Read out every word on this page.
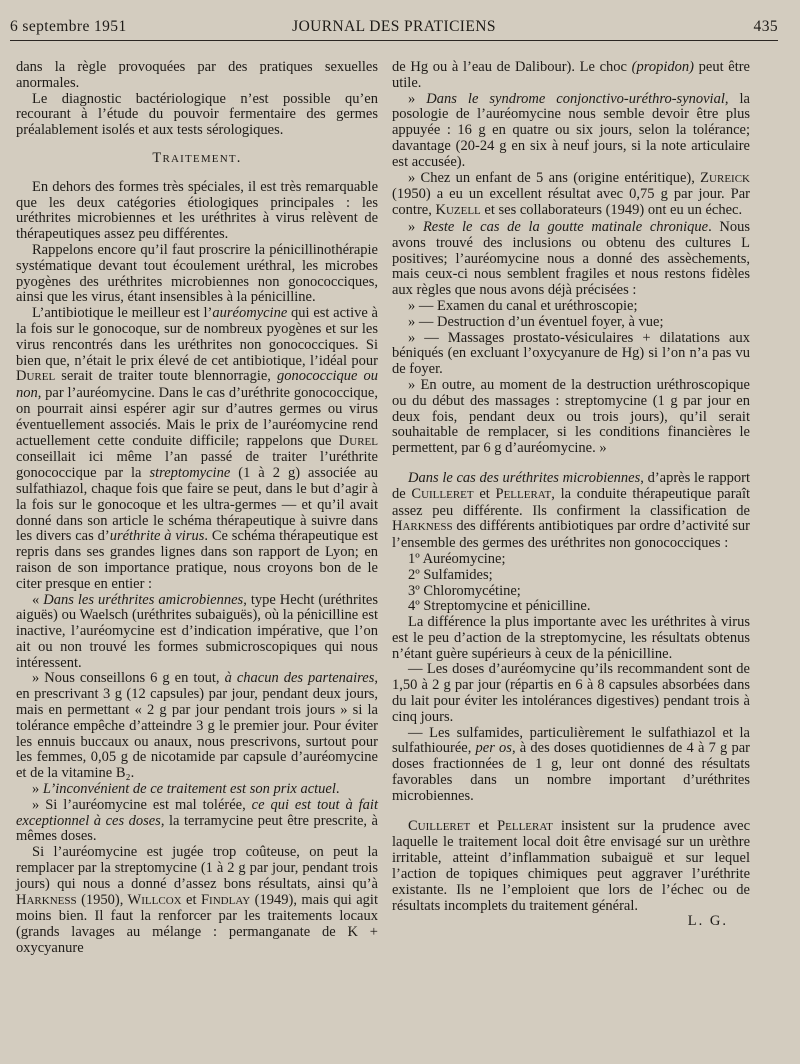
6 septembre 1951	JOURNAL DES PRATICIENS	435

dans la règle provoquées par des pratiques sexuelles anormales.

Le diagnostic bactériologique n’est possible qu’en recourant à l’étude du pouvoir fermentaire des germes préalablement isolés et aux tests sérologiques.

TRAITEMENT.

En dehors des formes très spéciales, il est très remarquable que les deux catégories étiologiques principales : les uréthrites microbiennes et les uréthrites à virus relèvent de thérapeutiques assez peu différentes.

Rappelons encore qu’il faut proscrire la pénicillinothérapie systématique devant tout écoulement uréthral, les microbes pyogènes des uréthrites microbiennes non gonococciques, ainsi que les virus, étant insensibles à la pénicilline.

L’antibiotique le meilleur est l’auréomycine qui est active à la fois sur le gonocoque, sur de nombreux pyogènes et sur les virus rencontrés dans les uréthrites non gonococciques. Si bien que, n’était le prix élevé de cet antibiotique, l’idéal pour DUREL serait de traiter toute blennorragie, gonococcique ou non, par l’auréomycine. Dans le cas d’uréthrite gonococcique, on pourrait ainsi espérer agir sur d’autres germes ou virus éventuellement associés. Mais le prix de l’auréomycine rend actuellement cette conduite difficile; rappelons que DUREL conseillait ici même l’an passé de traiter l’uréthrite gonococcique par la streptomycine (1 à 2 g) associée au sulfathiazol, chaque fois que faire se peut, dans le but d’agir à la fois sur le gonocoque et les ultra-germes — et qu’il avait donné dans son article le schéma thérapeutique à suivre dans les divers cas d’uréthrite à virus. Ce schéma thérapeutique est repris dans ses grandes lignes dans son rapport de Lyon; en raison de son importance pratique, nous croyons bon de le citer presque en entier :

« Dans les uréthrites amicrobiennes, type Hecht (uréthrites aiguës) ou Waelsch (uréthrites subaiguës), où la pénicilline est inactive, l’auréomycine est d’indication impérative, que l’on ait ou non trouvé les formes submicroscopiques qui nous intéressent.

» Nous conseillons 6 g en tout, à chacun des partenaires, en prescrivant 3 g (12 capsules) par jour, pendant deux jours, mais en permettant « 2 g par jour pendant trois jours » si la tolérance empêche d’atteindre 3 g le premier jour. Pour éviter les ennuis buccaux ou anaux, nous prescrivons, surtout pour les femmes, 0,05 g de nicotamide par capsule d’auréomycine et de la vitamine B₂.

» L’inconvénient de ce traitement est son prix actuel.

» Si l’auréomycine est mal tolérée, ce qui est tout à fait exceptionnel à ces doses, la terramycine peut être prescrite, à mêmes doses.

Si l’auréomycine est jugée trop coûteuse, on peut la remplacer par la streptomycine (1 à 2 g par jour, pendant trois jours) qui nous a donné d’assez bons résultats, ainsi qu’à HARKNESS (1950), WILLCOX et FINDLAY (1949), mais qui agit moins bien. Il faut la renforcer par les traitements locaux (grands lavages au mélange : permanganate de K + oxycyanure

de Hg ou à l’eau de Dalibour). Le choc (propidon) peut être utile.

» Dans le syndrome conjonctivo-uréthro-synovial, la posologie de l’auréomycine nous semble devoir être plus appuyée : 16 g en quatre ou six jours, selon la tolérance; davantage (20-24 g en six à neuf jours, si la note articulaire est accusée).

» Chez un enfant de 5 ans (origine entéritique), ZUREICK (1950) a eu un excellent résultat avec 0,75 g par jour. Par contre, KUZELL et ses collaborateurs (1949) ont eu un échec.

» Reste le cas de la goutte matinale chronique. Nous avons trouvé des inclusions ou obtenu des cultures L positives; l’auréomycine nous a donné des assèchements, mais ceux-ci nous semblent fragiles et nous restons fidèles aux règles que nous avons déjà précisées :

» — Examen du canal et uréthroscopie;

» — Destruction d’un éventuel foyer, à vue;

» — Massages prostato-vésiculaires + dilatations aux béniqués (en excluant l’oxycyanure de Hg) si l’on n’a pas vu de foyer.

» En outre, au moment de la destruction uréthroscopique ou du début des massages : streptomycine (1 g par jour en deux fois, pendant deux ou trois jours), qu’il serait souhaitable de remplacer, si les conditions financières le permettent, par 6 g d’auréomycine. »

Dans le cas des uréthrites microbiennes, d’après le rapport de CUILLERET et PELLERAT, la conduite thérapeutique paraît assez peu différente. Ils confirment la classification de HARKNESS des différents antibiotiques par ordre d’activité sur l’ensemble des germes des uréthrites non gonococciques :

1º Auréomycine;

2º Sulfamides;

3º Chloromycétine;

4º Streptomycine et pénicilline.

La différence la plus importante avec les uréthrites à virus est le peu d’action de la streptomycine, les résultats obtenus n’étant guère supérieurs à ceux de la pénicilline.

— Les doses d’auréomycine qu’ils recommandent sont de 1,50 à 2 g par jour (répartis en 6 à 8 capsules absorbées dans du lait pour éviter les intolérances digestives) pendant trois à cinq jours.

— Les sulfamides, particulièrement le sulfathiazol et la sulfathiourée, per os, à des doses quotidiennes de 4 à 7 g par doses fractionnées de 1 g, leur ont donné des résultats favorables dans un nombre important d’uréthrites microbiennes.

CUILLERET et PELLERAT insistent sur la prudence avec laquelle le traitement local doit être envisagé sur un urèthre irritable, atteint d’inflammation subaiguë et sur lequel l’action de topiques chimiques peut aggraver l’uréthrite existante. Ils ne l’emploient que lors de l’échec ou de résultats incomplets du traitement général.

L. G.
